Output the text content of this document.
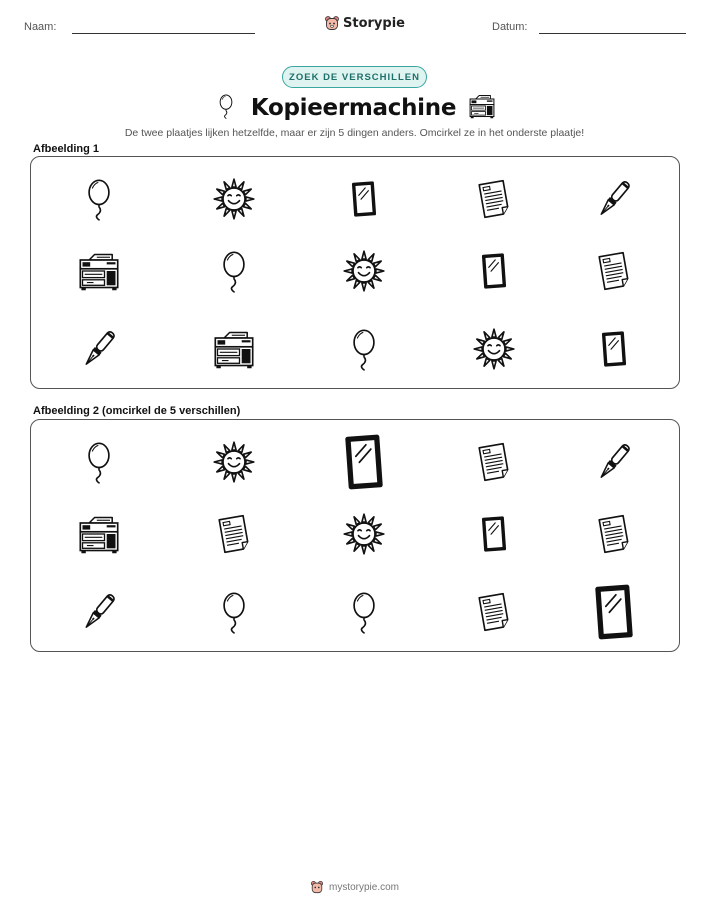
Naam:	Storypie	Datum:
ZOEK DE VERSCHILLEN
Kopieermachine
De twee plaatjes lijken hetzelfde, maar er zijn 5 dingen anders. Omcirkel ze in het onderste plaatje!
Afbeelding 1
Afbeelding 2 (omcirkel de 5 verschillen)
mystorypie.com
